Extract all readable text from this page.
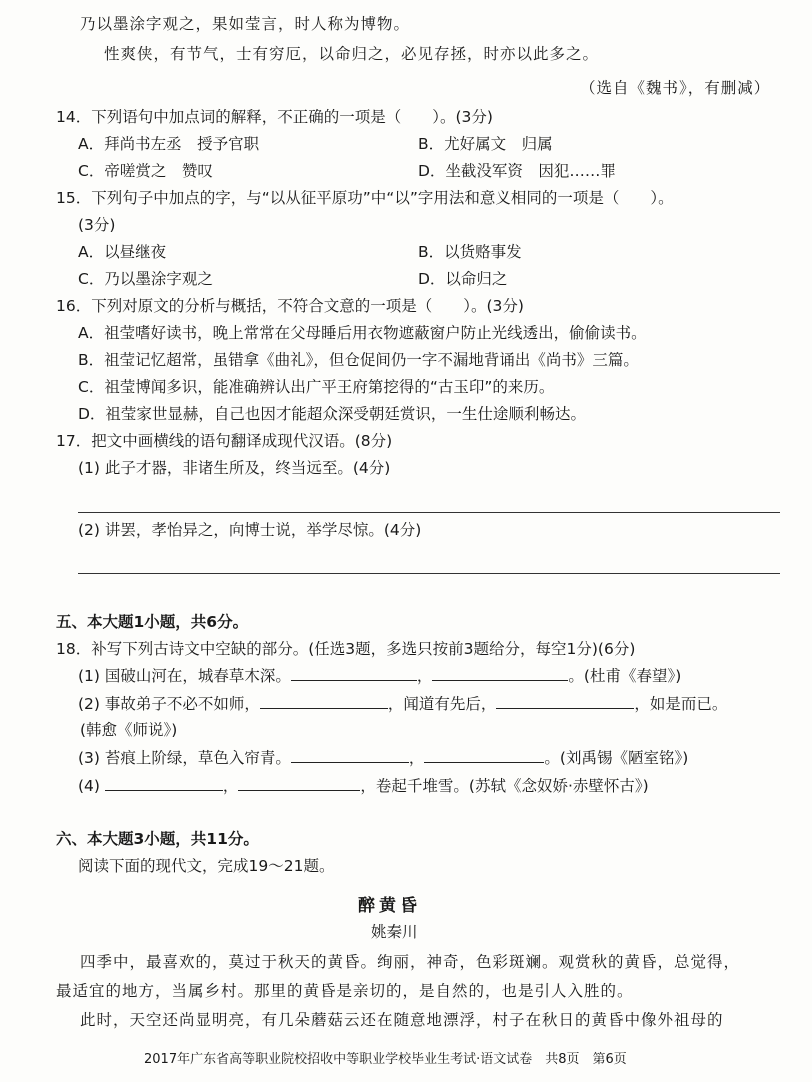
乃以墨涂字观之，果如莹言，时人称为博物。
性爽侠，有节气，士有穷厄，以命归之，必见存拯，时亦以此多之。
（选自《魏书》，有删减）
14．下列语句中加点词的解释，不正确的一项是（　　）。(3分)
A．拜尚书左丞　授予官职	B．尤好属文　归属
C．帝嗟赏之　赞叹	D．坐截没军资　因犯……罪
15．下列句子中加点的字，与“以从征平原功”中“以”字用法和意义相同的一项是（　　）。
(3分)
A．以昼继夜	B．以货赂事发
C．乃以墨涂字观之	D．以命归之
16．下列对原文的分析与概括，不符合文意的一项是（　　）。(3分)
A．祖莹嗜好读书，晚上常常在父母睡后用衣物遮蔽窗户防止光线透出，偷偷读书。
B．祖莹记忆超常，虽错拿《曲礼》，但仓促间仍一字不漏地背诵出《尚书》三篇。
C．祖莹博闻多识，能准确辨认出广平王府第挖得的“古玉印”的来历。
D．祖莹家世显赫，自己也因才能超众深受朝廷赏识，一生仕途顺利畅达。
17．把文中画横线的语句翻译成现代汉语。(8分)
(1) 此子才器，非诸生所及，终当远至。(4分)
(2) 讲罢，孝怡异之，向博士说，举学尽惊。(4分)
五、本大题1小题，共6分。
18．补写下列古诗文中空缺的部分。(任选3题，多选只按前3题给分，每空1分)(6分)
(1) 国破山河在，城春草木深。	，	。(杜甫《春望》)
(2) 事故弟子不必不如师，	，闻道有先后，	，如是而已。
(韩愈《师说》)
(3) 苔痕上阶绿，草色入帘青。	，	。(刘禹锡《陋室铭》)
(4)	，	，卷起千堆雪。(苏轼《念奴娇·赤壁怀古》)
六、本大题3小题，共11分。
阅读下面的现代文，完成19～21题。
醉黄昏
姚秦川
四季中，最喜欢的，莫过于秋天的黄昏。绚丽，神奇，色彩斑斓。观赏秋的黄昏，总觉得，
最适宜的地方，当属乡村。那里的黄昏是亲切的，是自然的，也是引人入胜的。
此时，天空还尚显明亮，有几朵蘑菇云还在随意地漂浮，村子在秋日的黄昏中像外祖母的
2017年广东省高等职业院校招收中等职业学校毕业生考试·语文试卷　共8页　第6页
